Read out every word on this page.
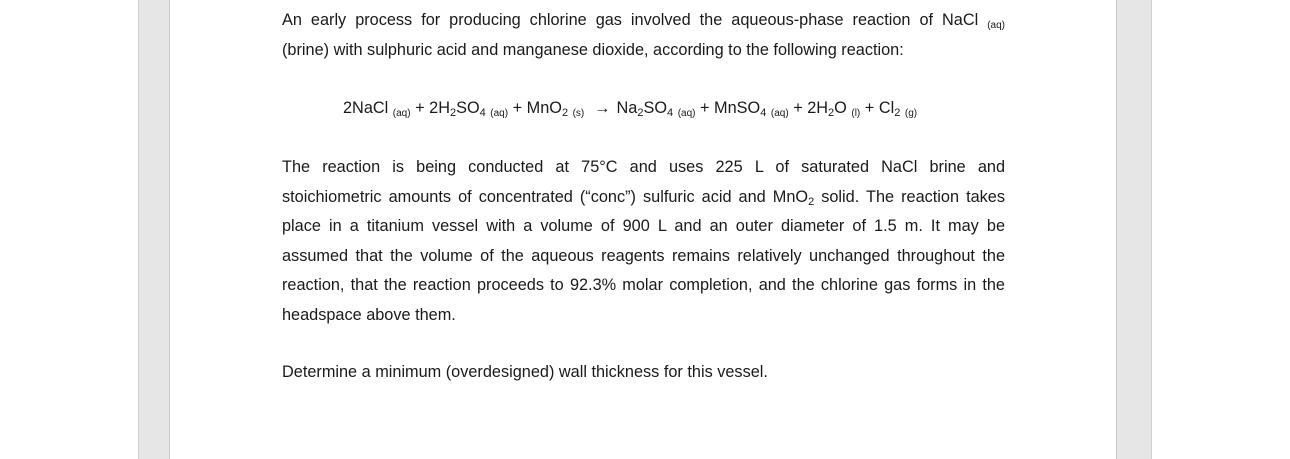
An early process for producing chlorine gas involved the aqueous-phase reaction of NaCl (aq)
(brine) with sulphuric acid and manganese dioxide, according to the following reaction:
2NaCl $(aq) + 2H_2SO_4$ (aq) + MnO$_2$ $(s) \to Na_2SO_4$ (aq) + MnSO$_4$ $(aq) + 2H_2O$ $(l) + Cl_2$ (g)
The reaction is being conducted at 75°C and uses 225 L of saturated NaCl brine and
stoichiometric amounts of concentrated (“conc”) sulfuric acid and MnO$_2$ solid. The reaction takes
place in a titanium vessel with a volume of 900 L and an outer diameter of 1.5 m. It may be
assumed that the volume of the aqueous reagents remains relatively unchanged throughout the
reaction, that the reaction proceeds to 92.3% molar completion, and the chlorine gas forms in the
headspace above them.
Determine a minimum (overdesigned) wall thickness for this vessel.
